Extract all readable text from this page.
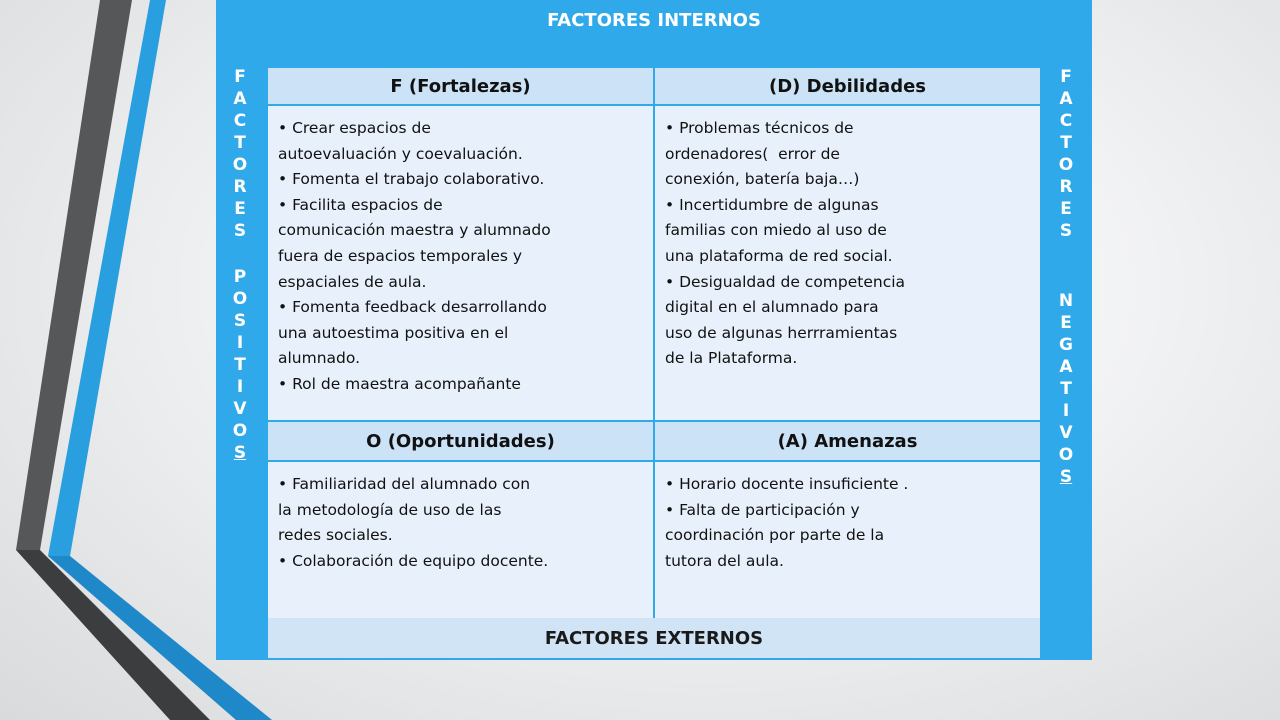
FACTORES INTERNOS
F
A
C
T
O
R
E
S
P
O
S
I
T
I
V
O
S
F
A
C
T
O
R
E
S
N
E
G
A
T
I
V
O
S
F (Fortalezas)	(D) Debilidades
• Crear espacios de
autoevaluación y coevaluación.
• Fomenta el trabajo colaborativo.
• Facilita espacios de
comunicación maestra y alumnado
fuera de espacios temporales y
espaciales de aula.
• Fomenta feedback desarrollando
una autoestima positiva en el
alumnado.
• Rol de maestra acompañante
• Problemas técnicos de
ordenadores(  error de
conexión, batería baja…)
• Incertidumbre de algunas
familias con miedo al uso de
una plataforma de red social.
• Desigualdad de competencia
digital en el alumnado para
uso de algunas herrramientas
de la Plataforma.
O (Oportunidades)	(A) Amenazas
• Familiaridad del alumnado con
la metodología de uso de las
redes sociales.
• Colaboración de equipo docente.
• Horario docente insuficiente .
• Falta de participación y
coordinación por parte de la
tutora del aula.
FACTORES EXTERNOS
